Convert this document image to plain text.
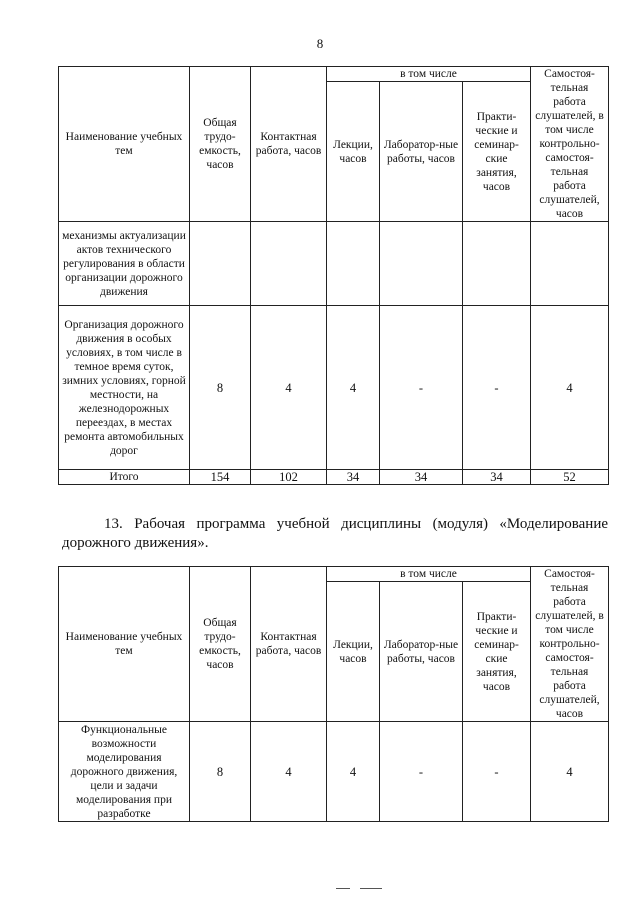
8
Наименование учебных тем	Общая трудо-емкость, часов	Контактная работа, часов	в том числе			Самостоя-тельная работа слушателей, в том числе контрольно-самостоя-тельная работа слушателей, часов
			Лекции, часов	Лаборатор-ные работы, часов	Практи-ческие и семинар-ские занятия, часов	
механизмы актуализации актов технического регулирования в области организации дорожного движения						
Организация дорожного движения в особых условиях, в том числе в темное время суток, зимних условиях, горной местности, на железнодорожных переездах, в местах ремонта автомобильных дорог	8	4	4	-	-	4
Итого	154	102	34	34	34	52
13. Рабочая программа учебной дисциплины (модуля) «Моделирование
дорожного движения».
Наименование учебных тем	Общая трудо-емкость, часов	Контактная работа, часов	в том числе			Самостоя-тельная работа слушателей, в том числе контрольно-самостоя-тельная работа слушателей, часов
			Лекции, часов	Лаборатор-ные работы, часов	Практи-ческие и семинар-ские занятия, часов	
Функциональные возможности моделирования дорожного движения, цели и задачи моделирования при разработке	8	4	4	-	-	4
